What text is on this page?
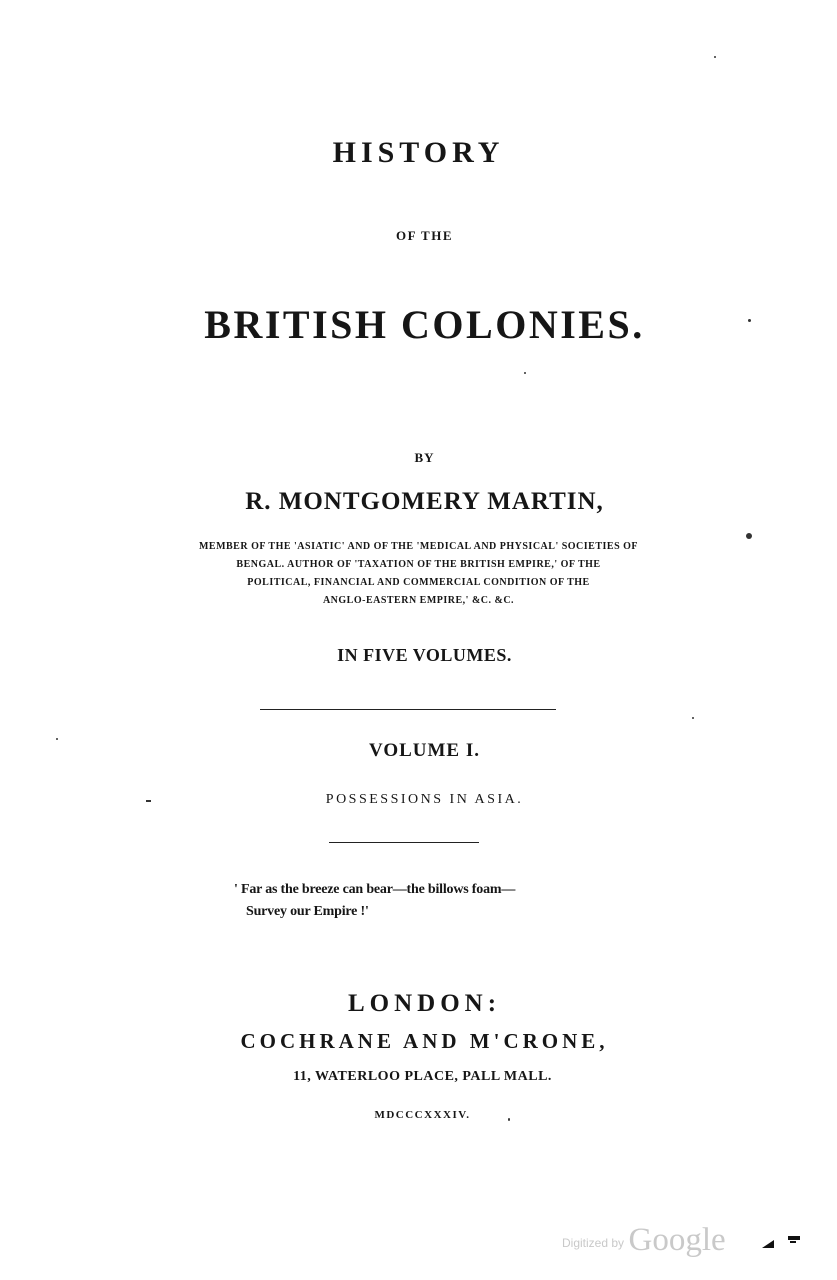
HISTORY
OF THE
BRITISH COLONIES.
BY
R. MONTGOMERY MARTIN,
MEMBER OF THE 'ASIATIC' AND OF THE 'MEDICAL AND PHYSICAL' SOCIETIES OF
BENGAL. AUTHOR OF 'TAXATION OF THE BRITISH EMPIRE,' OF THE
POLITICAL, FINANCIAL AND COMMERCIAL CONDITION OF THE
ANGLO-EASTERN EMPIRE,' &C. &C.
IN FIVE VOLUMES.
VOLUME I.
POSSESSIONS IN ASIA.
' Far as the breeze can bear—the billows foam—
Survey our Empire !'
LONDON:
COCHRANE AND M'CRONE,
11, WATERLOO PLACE, PALL MALL.
MDCCCXXXIV.
Digitized by Google
